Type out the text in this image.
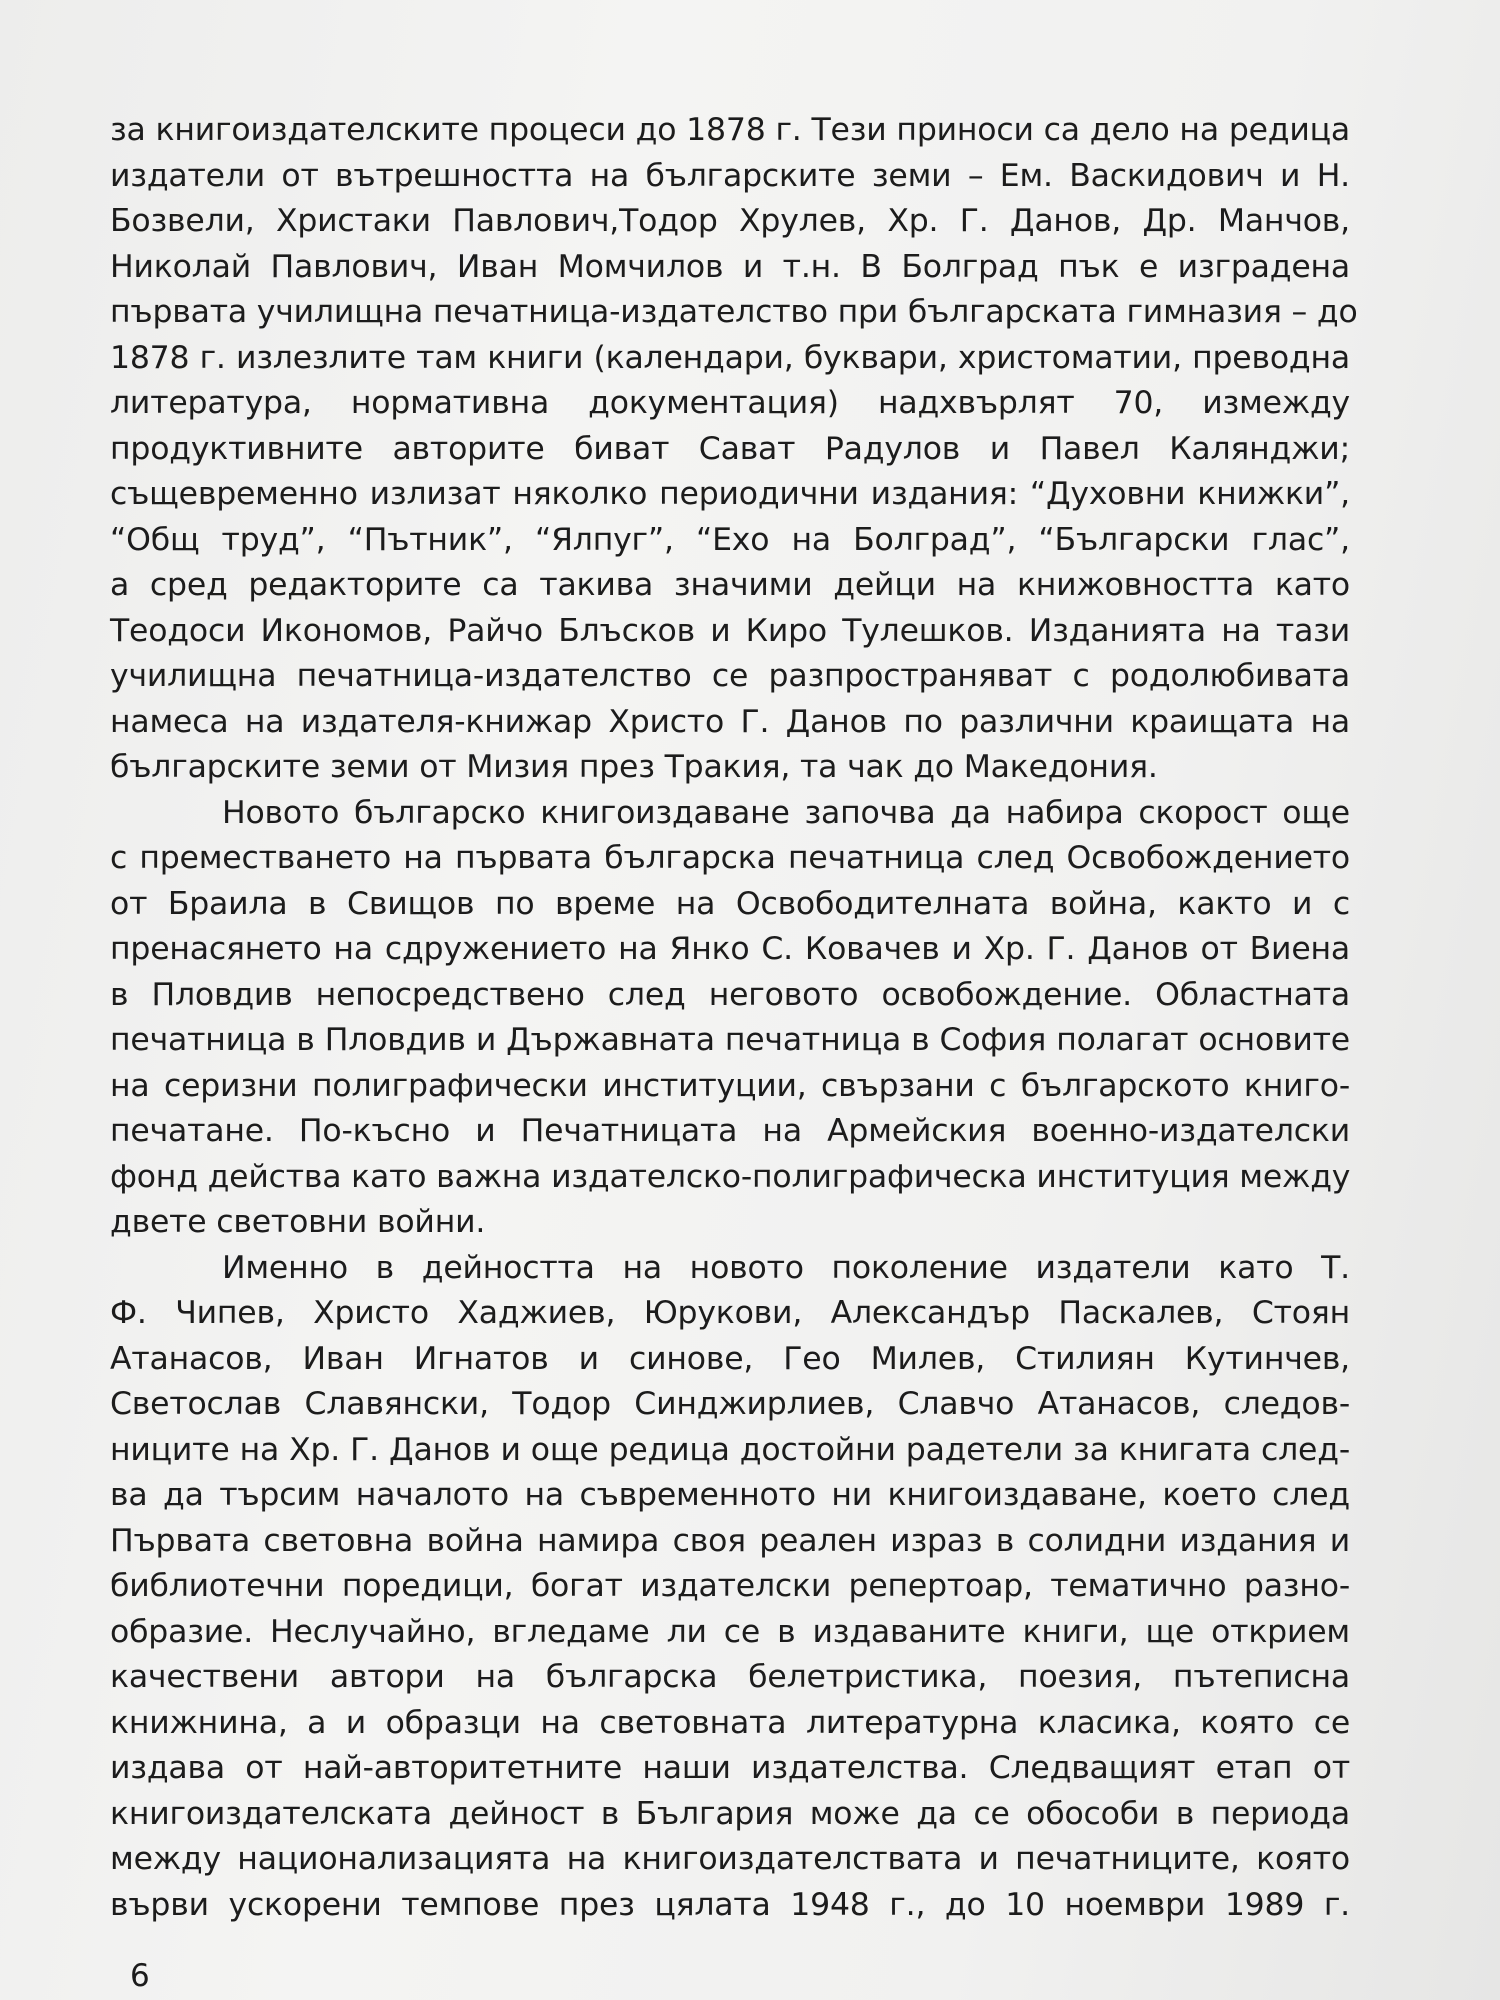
за книгоиздателските процеси до 1878 г. Тези приноси са дело на редица
издатели от вътрешността на българските земи – Ем. Васкидович и Н.
Бозвели, Христаки Павлович,Тодор Хрулев, Хр. Г. Данов, Др. Манчов,
Николай Павлович, Иван Момчилов и т.н. В Болград пък е изградена
първата училищна печатница-издателство при българската гимназия – до
1878 г. излезлите там книги (календари, буквари, христоматии, преводна
литература, нормативна документация) надхвърлят 70, измежду
продуктивните авторите биват Сават Радулов и Павел Калянджи;
същевременно излизат няколко периодични издания: “Духовни книжки”,
“Общ труд”, “Пътник”, “Ялпуг”, “Ехо на Болград”, “Български глас”,
а сред редакторите са такива значими дейци на книжовността като
Теодоси Икономов, Райчо Блъсков и Киро Тулешков. Изданията на тази
училищна печатница-издателство се разпространяват с родолюбивата
намеса на издателя-книжар Христо Г. Данов по различни краищата на
българските земи от Мизия през Тракия, та чак до Македония.
Новото българско книгоиздаване започва да набира скорост още
с преместването на първата българска печатница след Освобождението
от Браила в Свищов по време на Освободителната война, както и с
пренасянето на сдружението на Янко С. Ковачев и Хр. Г. Данов от Виена
в Пловдив непосредствено след неговото освобождение. Областната
печатница в Пловдив и Държавната печатница в София полагат основите
на серизни полиграфически институции, свързани с българското книго-
печатане. По-късно и Печатницата на Армейския военно-издателски
фонд действа като важна издателско-полиграфическа институция между
двете световни войни.
Именно в дейността на новото поколение издатели като Т.
Ф. Чипев, Христо Хаджиев, Юрукови, Александър Паскалев, Стоян
Атанасов, Иван Игнатов и синове, Гео Милев, Стилиян Кутинчев,
Светослав Славянски, Тодор Синджирлиев, Славчо Атанасов, следов-
ниците на Хр. Г. Данов и още редица достойни радетели за книгата след-
ва да търсим началото на съвременното ни книгоиздаване, което след
Първата световна война намира своя реален израз в солидни издания и
библиотечни поредици, богат издателски репертоар, тематично разно-
образие. Неслучайно, вгледаме ли се в издаваните книги, ще открием
качествени автори на българска белетристика, поезия, пътеписна
книжнина, а и образци на световната литературна класика, която се
издава от най-авторитетните наши издателства. Следващият етап от
книгоиздателската дейност в България може да се обособи в периода
между национализацията на книгоиздателствата и печатниците, която
върви ускорени темпове през цялата 1948 г., до 10 ноември 1989 г.
6
